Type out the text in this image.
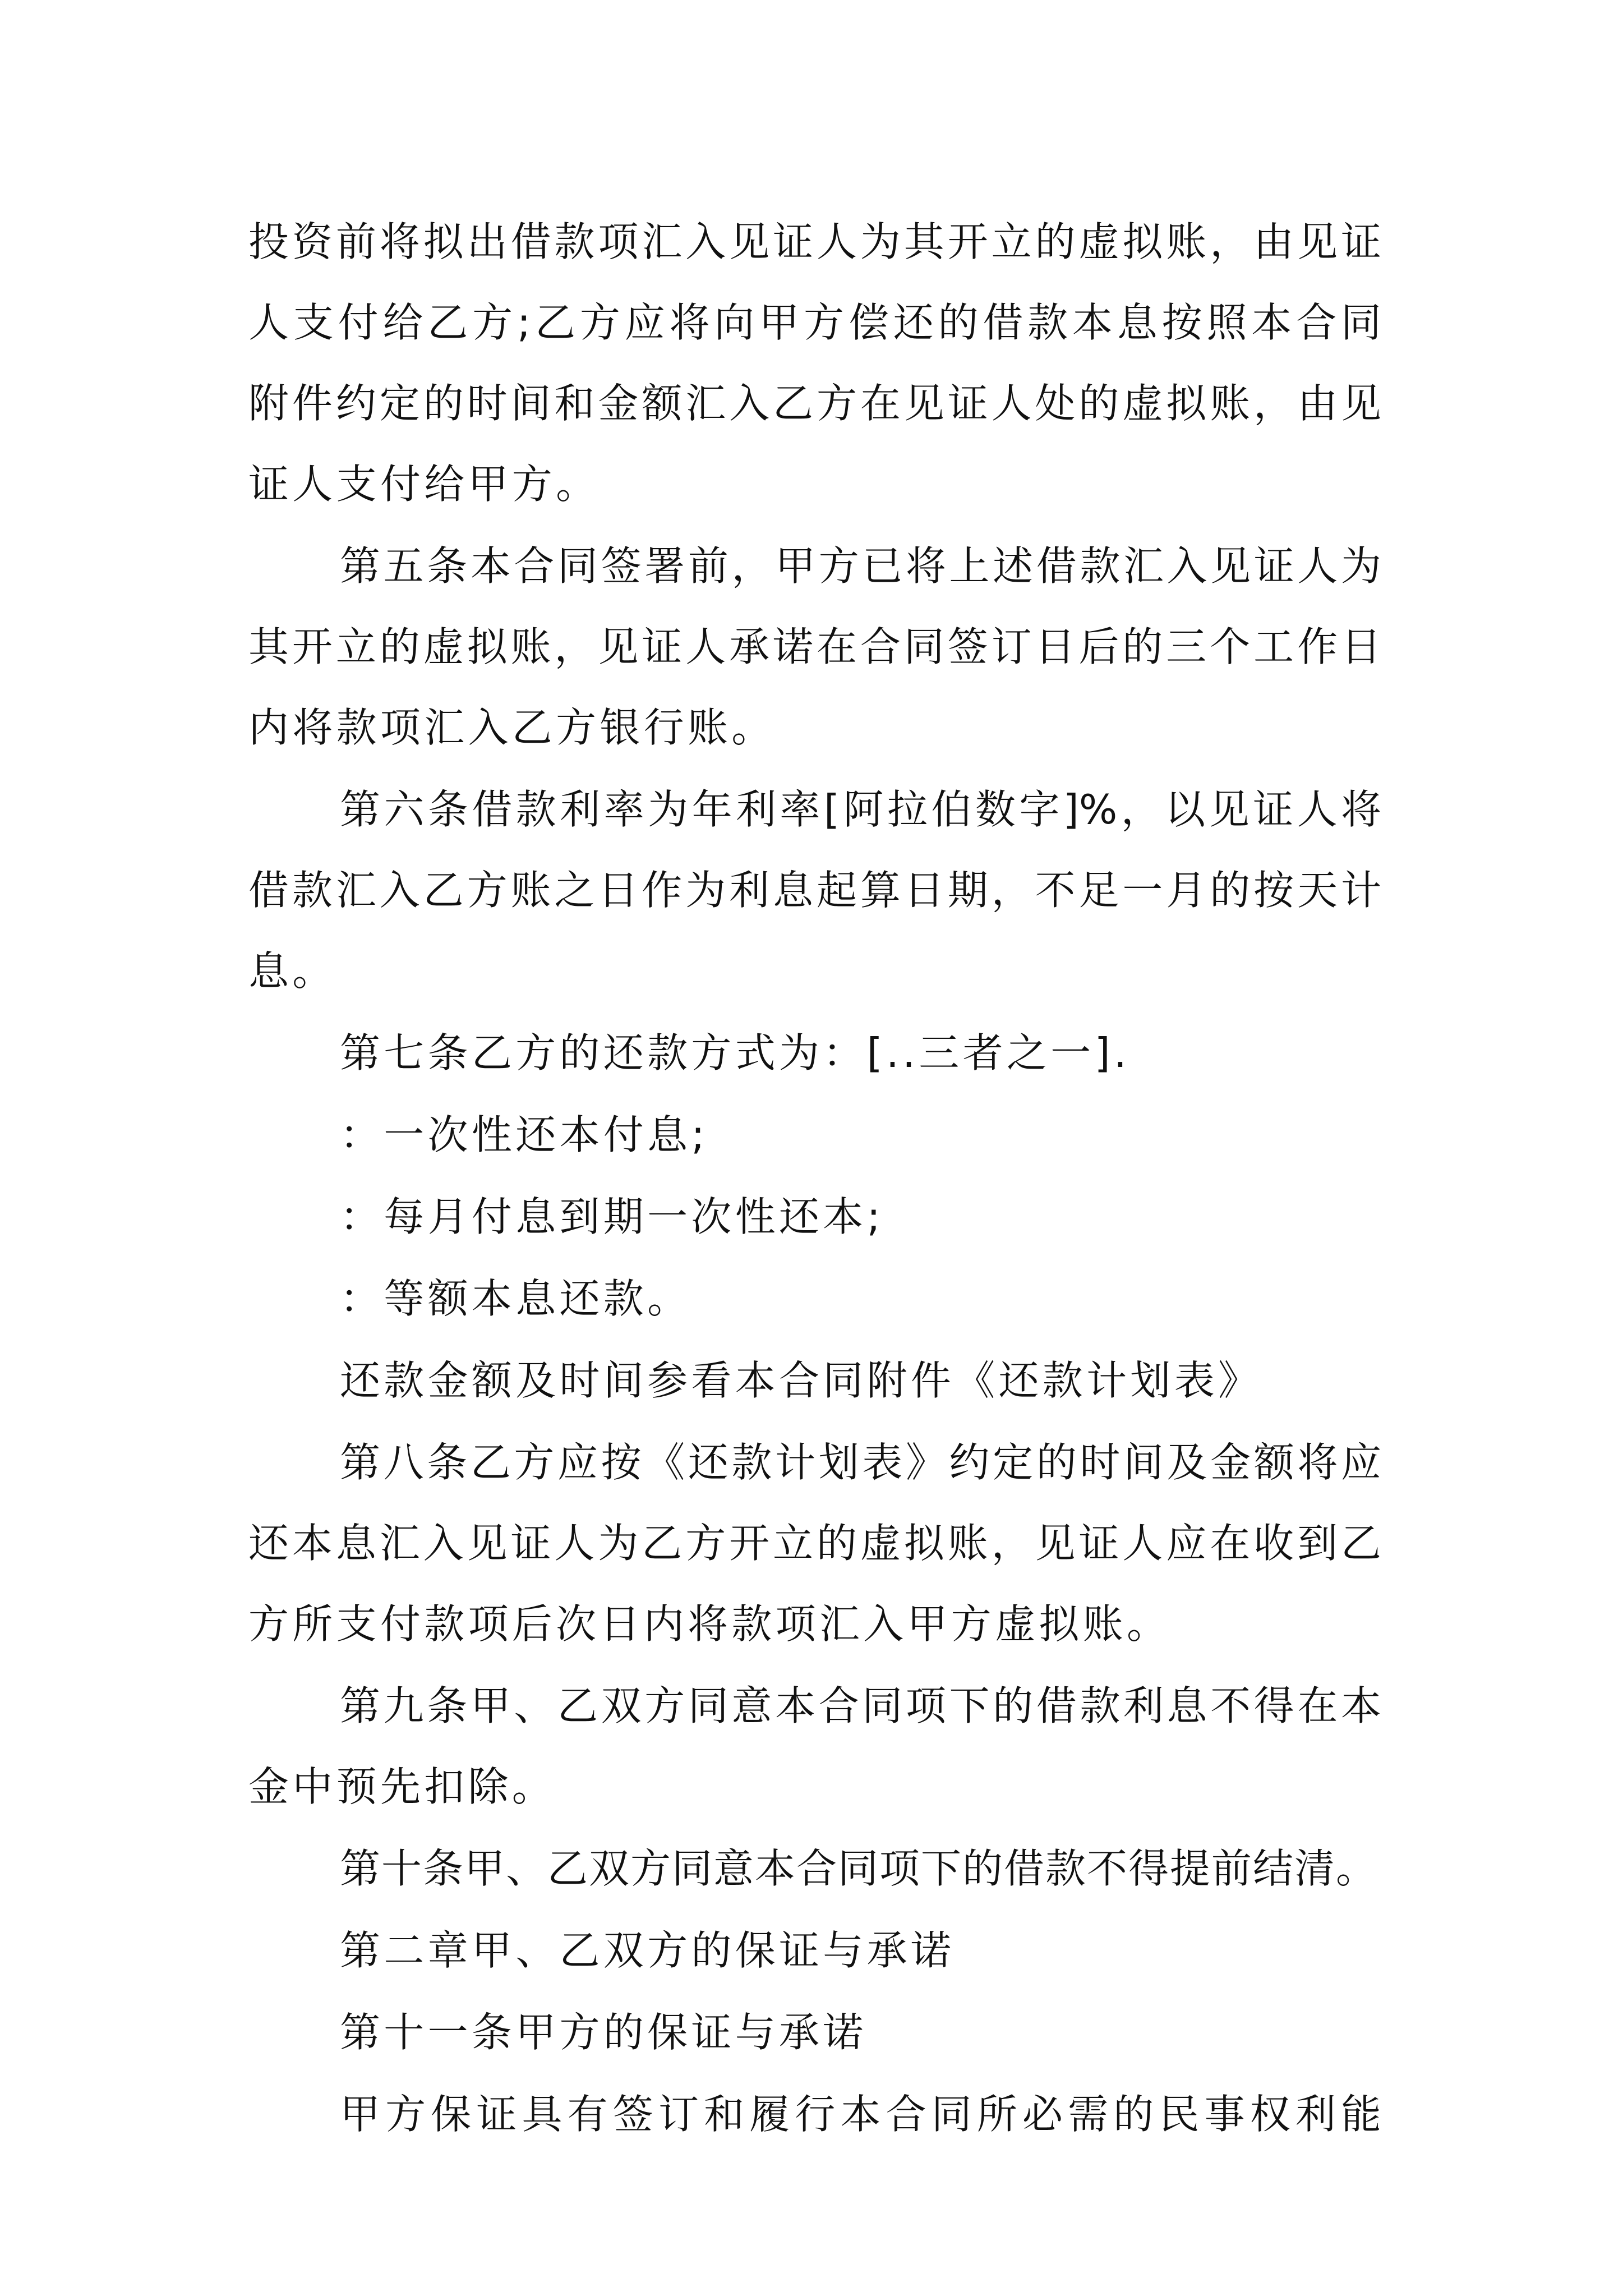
投资前将拟出借款项汇入见证人为其开立的虚拟账，由见证
人支付给乙方;乙方应将向甲方偿还的借款本息按照本合同
附件约定的时间和金额汇入乙方在见证人处的虚拟账，由见
证人支付给甲方。
第五条本合同签署前，甲方已将上述借款汇入见证人为
其开立的虚拟账，见证人承诺在合同签订日后的三个工作日
内将款项汇入乙方银行账。
第六条借款利率为年利率[阿拉伯数字]%，以见证人将
借款汇入乙方账之日作为利息起算日期，不足一月的按天计
息。
第七条乙方的还款方式为：[..三者之一].
：一次性还本付息;
：每月付息到期一次性还本;
：等额本息还款。
还款金额及时间参看本合同附件《还款计划表》
第八条乙方应按《还款计划表》约定的时间及金额将应
还本息汇入见证人为乙方开立的虚拟账，见证人应在收到乙
方所支付款项后次日内将款项汇入甲方虚拟账。
第九条甲、乙双方同意本合同项下的借款利息不得在本
金中预先扣除。
第十条甲、乙双方同意本合同项下的借款不得提前结清。
第二章甲、乙双方的保证与承诺
第十一条甲方的保证与承诺
甲方保证具有签订和履行本合同所必需的民事权利能
